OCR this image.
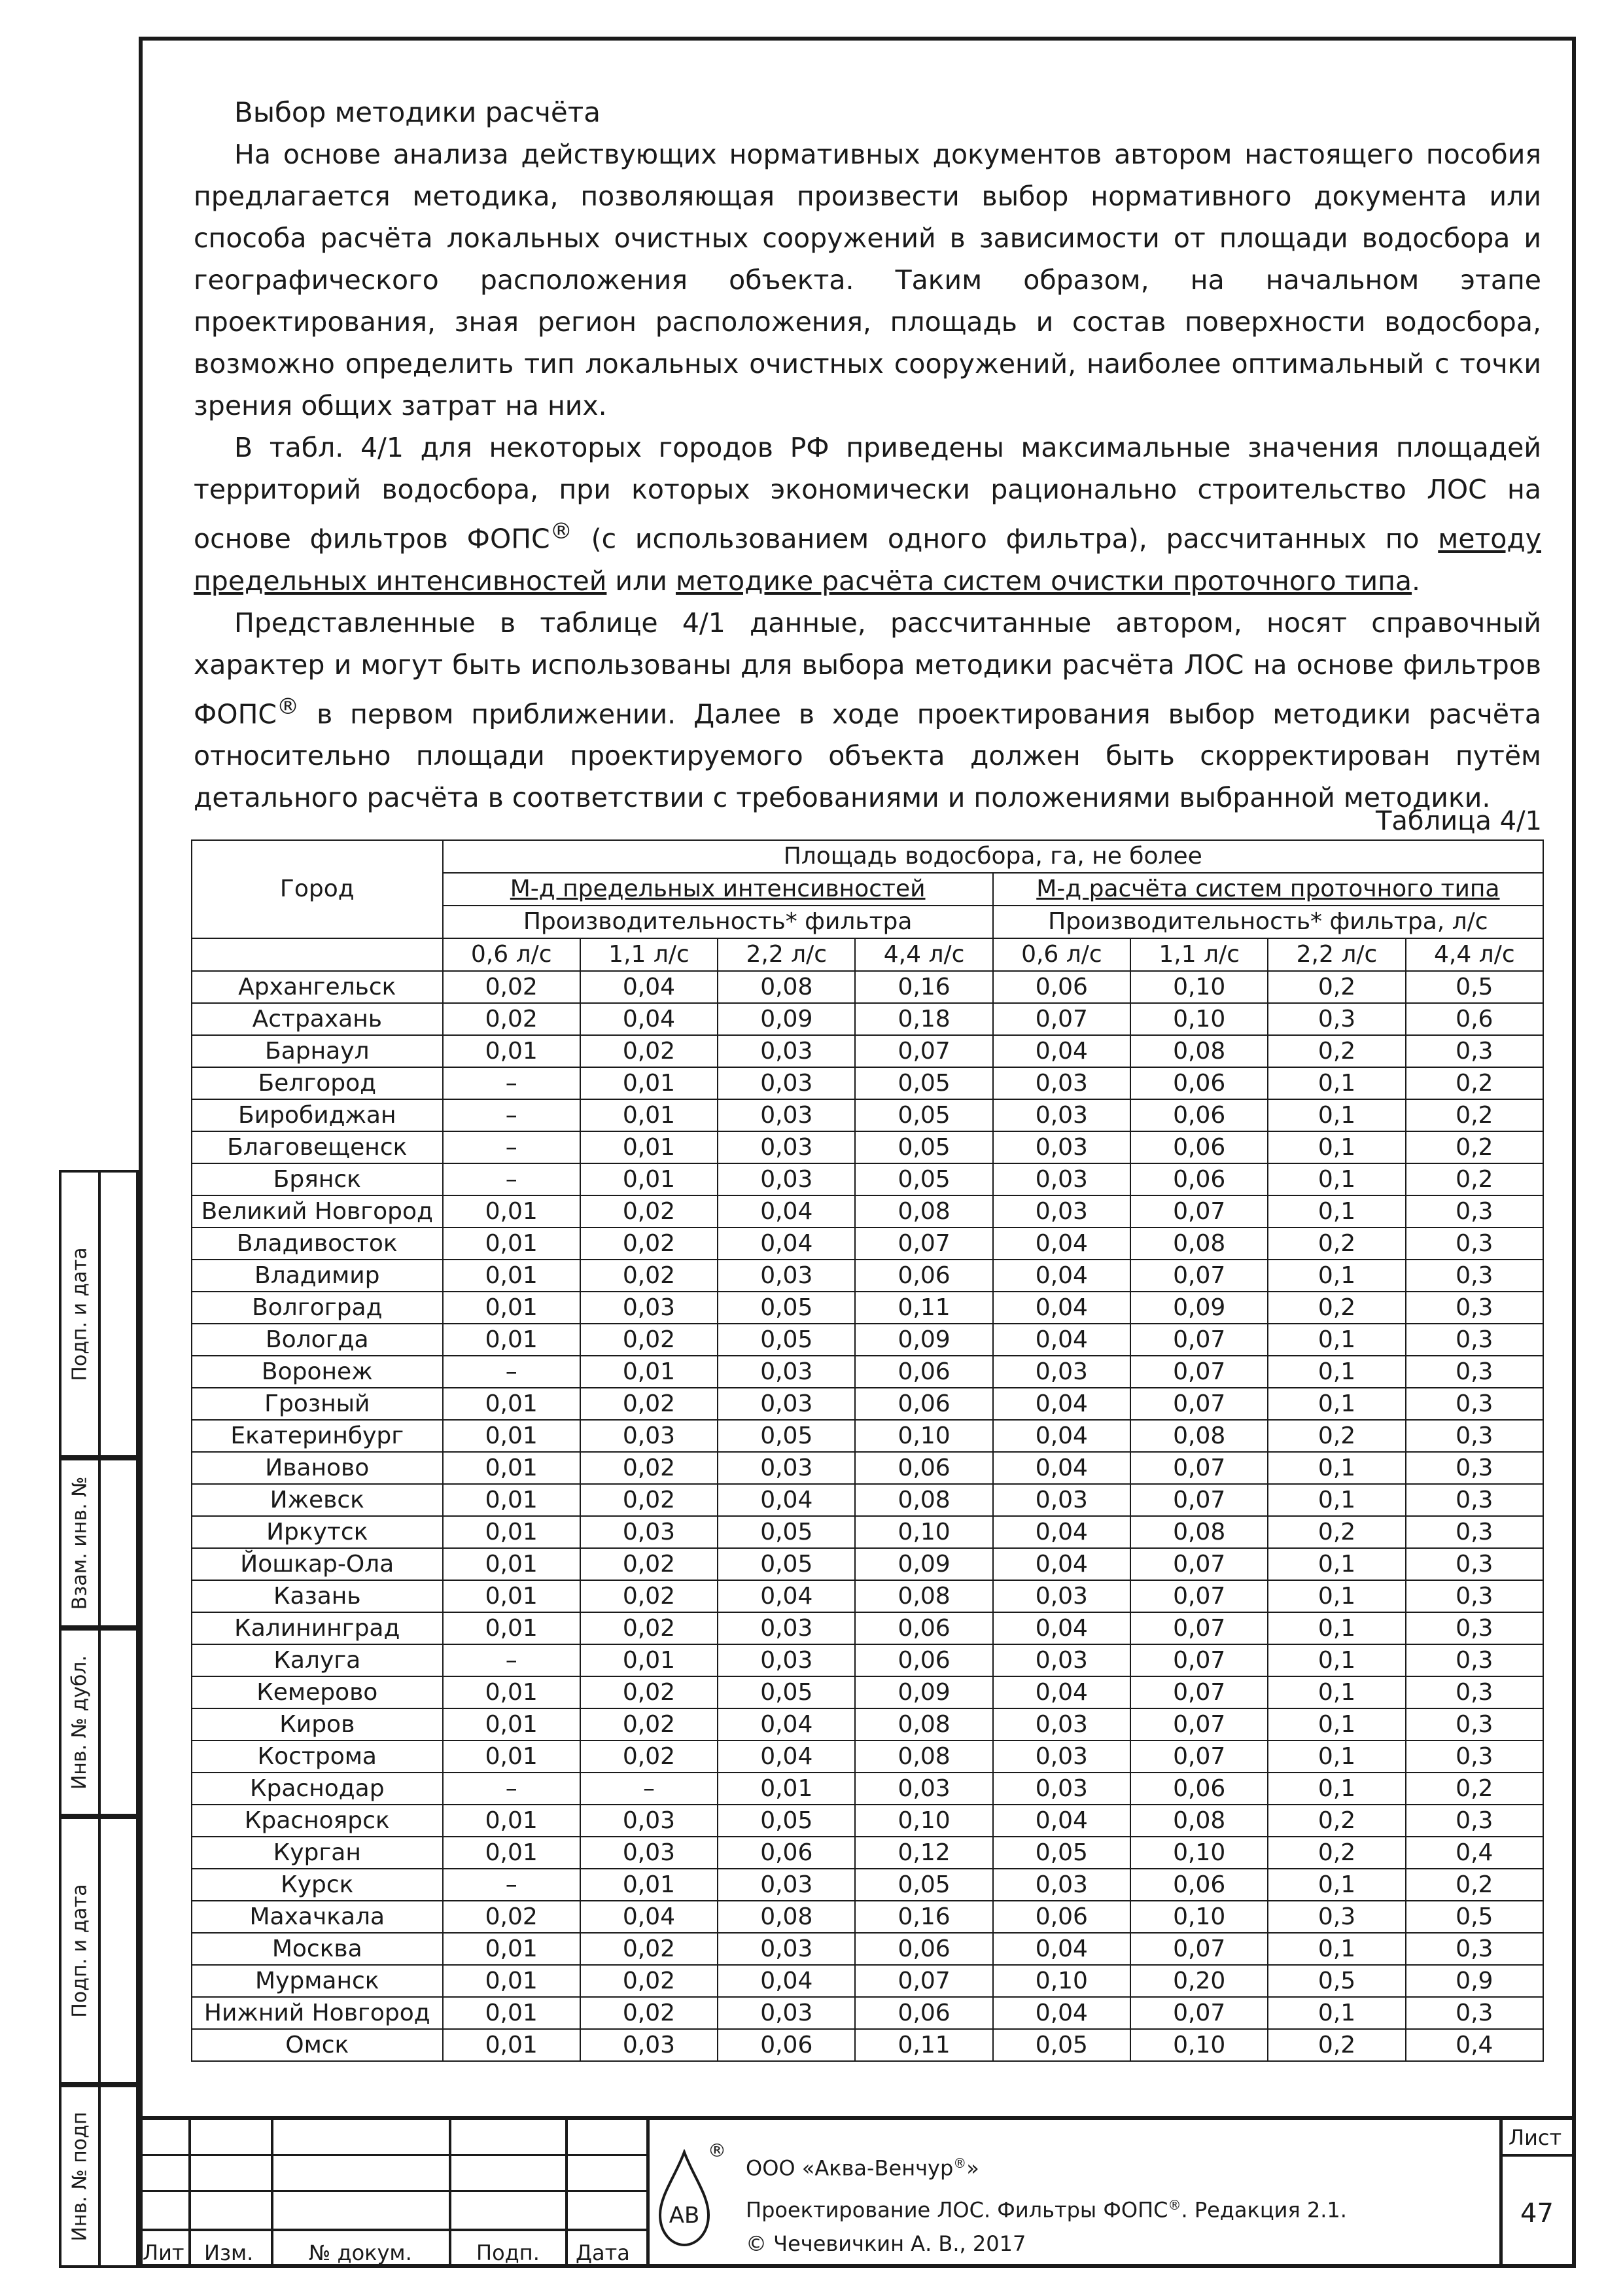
Подп. и дата
Взам. инв. №
Инв. № дубл.
Подп. и дата
Инв. № подп

Выбор методики расчёта

На основе анализа действующих нормативных документов автором настоящего пособия предлагается методика, позволяющая произвести выбор нормативного документа или способа расчёта локальных очистных сооружений в зависимости от площади водосбора и географического расположения объекта. Таким образом, на начальном этапе проектирования, зная регион расположения, площадь и состав поверхности водосбора, возможно определить тип локальных очистных сооружений, наиболее оптимальный с точки зрения общих затрат на них.

В табл. 4/1 для некоторых городов РФ приведены максимальные значения площадей территорий водосбора, при которых экономически рационально строительство ЛОС на основе фильтров ФОПС® (с использованием одного фильтра), рассчитанных по методу предельных интенсивностей или методике расчёта систем очистки проточного типа.

Представленные в таблице 4/1 данные, рассчитанные автором, носят справочный характер и могут быть использованы для выбора методики расчёта ЛОС на основе фильтров ФОПС® в первом приближении. Далее в ходе проектирования выбор методики расчёта относительно площади проектируемого объекта должен быть скорректирован путём детального расчёта в соответствии с требованиями и положениями выбранной методики.

Таблица 4/1
Город	Площадь водосбора, га, не более							
	М-д предельных интенсивностей				М-д расчёта систем проточного типа			
	Производительность* фильтра				Производительность* фильтра, л/с			
	0,6 л/с	1,1 л/с	2,2 л/с	4,4 л/с	0,6 л/с	1,1 л/с	2,2 л/с	4,4 л/с
Архангельск	0,02	0,04	0,08	0,16	0,06	0,10	0,2	0,5
Астрахань	0,02	0,04	0,09	0,18	0,07	0,10	0,3	0,6
Барнаул	0,01	0,02	0,03	0,07	0,04	0,08	0,2	0,3
Белгород	–	0,01	0,03	0,05	0,03	0,06	0,1	0,2
Биробиджан	–	0,01	0,03	0,05	0,03	0,06	0,1	0,2
Благовещенск	–	0,01	0,03	0,05	0,03	0,06	0,1	0,2
Брянск	–	0,01	0,03	0,05	0,03	0,06	0,1	0,2
Великий Новгород	0,01	0,02	0,04	0,08	0,03	0,07	0,1	0,3
Владивосток	0,01	0,02	0,04	0,07	0,04	0,08	0,2	0,3
Владимир	0,01	0,02	0,03	0,06	0,04	0,07	0,1	0,3
Волгоград	0,01	0,03	0,05	0,11	0,04	0,09	0,2	0,3
Вологда	0,01	0,02	0,05	0,09	0,04	0,07	0,1	0,3
Воронеж	–	0,01	0,03	0,06	0,03	0,07	0,1	0,3
Грозный	0,01	0,02	0,03	0,06	0,04	0,07	0,1	0,3
Екатеринбург	0,01	0,03	0,05	0,10	0,04	0,08	0,2	0,3
Иваново	0,01	0,02	0,03	0,06	0,04	0,07	0,1	0,3
Ижевск	0,01	0,02	0,04	0,08	0,03	0,07	0,1	0,3
Иркутск	0,01	0,03	0,05	0,10	0,04	0,08	0,2	0,3
Йошкар-Ола	0,01	0,02	0,05	0,09	0,04	0,07	0,1	0,3
Казань	0,01	0,02	0,04	0,08	0,03	0,07	0,1	0,3
Калининград	0,01	0,02	0,03	0,06	0,04	0,07	0,1	0,3
Калуга	–	0,01	0,03	0,06	0,03	0,07	0,1	0,3
Кемерово	0,01	0,02	0,05	0,09	0,04	0,07	0,1	0,3
Киров	0,01	0,02	0,04	0,08	0,03	0,07	0,1	0,3
Кострома	0,01	0,02	0,04	0,08	0,03	0,07	0,1	0,3
Краснодар	–	–	0,01	0,03	0,03	0,06	0,1	0,2
Красноярск	0,01	0,03	0,05	0,10	0,04	0,08	0,2	0,3
Курган	0,01	0,03	0,06	0,12	0,05	0,10	0,2	0,4
Курск	–	0,01	0,03	0,05	0,03	0,06	0,1	0,2
Махачкала	0,02	0,04	0,08	0,16	0,06	0,10	0,3	0,5
Москва	0,01	0,02	0,03	0,06	0,04	0,07	0,1	0,3
Мурманск	0,01	0,02	0,04	0,07	0,10	0,20	0,5	0,9
Нижний Новгород	0,01	0,02	0,03	0,06	0,04	0,07	0,1	0,3
Омск	0,01	0,03	0,06	0,11	0,05	0,10	0,2	0,4
Лит Изм.	№ докум.	Подп. Дата
ООО «Аква-Венчур®»
Проектирование ЛОС. Фильтры ФОПС®. Редакция 2.1.
© Чечевичкин А. В., 2017
Лист
47
АВ
®
